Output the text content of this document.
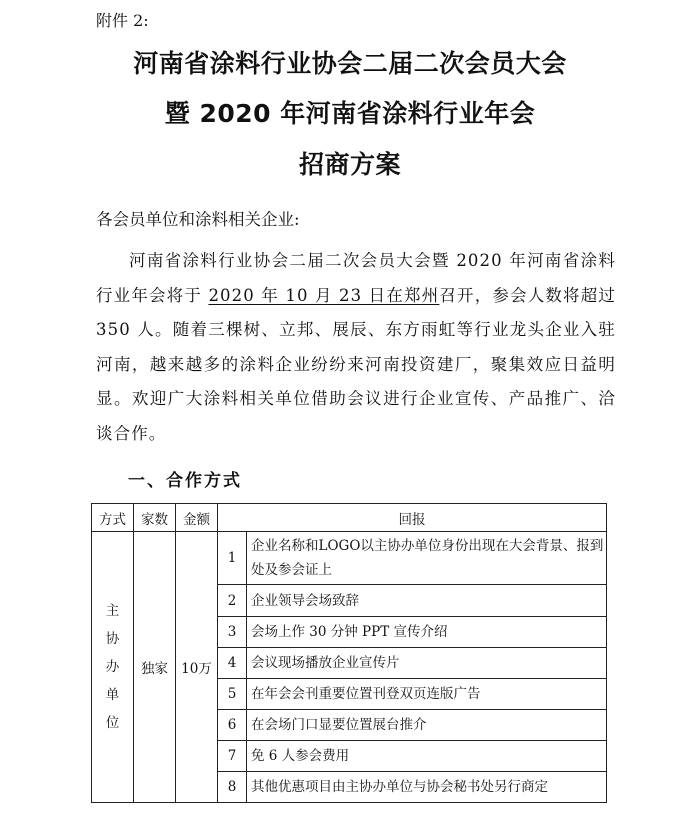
附件 2:
河南省涂料行业协会二届二次会员大会
暨 2020 年河南省涂料行业年会
招商方案
各会员单位和涂料相关企业:
河南省涂料行业协会二届二次会员大会暨 2020 年河南省涂料行业年会将于 2020 年 10 月 23 日在郑州召开，参会人数将超过 350 人。随着三棵树、立邦、展辰、东方雨虹等行业龙头企业入驻河南，越来越多的涂料企业纷纷来河南投资建厂，聚集效应日益明显。欢迎广大涂料相关单位借助会议进行企业宣传、产品推广、洽谈合作。
一、合作方式
方式	家数	金额	回报	

主协办单位	独家	10万	1	企业名称和LOGO以主协办单位身份出现在大会背景、报到处及参会证上
			2	企业领导会场致辞
			3	会场上作 30 分钟 PPT 宣传介绍
			4	会议现场播放企业宣传片
			5	在年会会刊重要位置刊登双页连版广告
			6	在会场门口显要位置展台推介
			7	免 6 人参会费用
			8	其他优惠项目由主协办单位与协会秘书处另行商定
